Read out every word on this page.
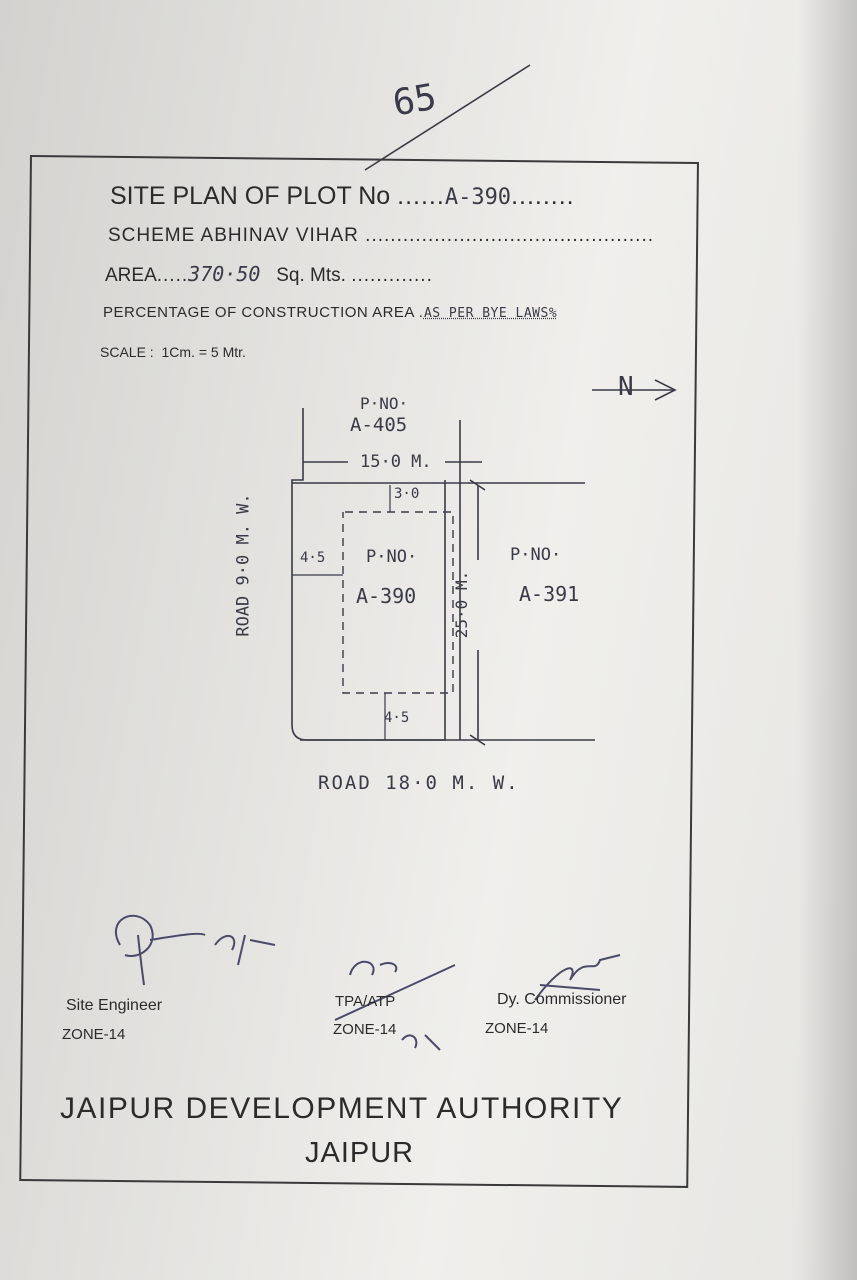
65
SITE PLAN OF PLOT No ......A-390........
SCHEME ABHINAV VIHAR ..............................................
AREA.....370·50 Sq. Mts. .............
PERCENTAGE OF CONSTRUCTION AREA .AS PER BYE LAWS%
SCALE : 1Cm. = 5 Mtr.
N
P·NO·
A-405
15·0 M.
3·0
4·5 P·NO·
A-390 25·0 M.
P·NO·
A-391
4·5
ROAD 9·0 M. W.
ROAD 18·0 M. W.
Site Engineer
ZONE-14
TPA/ATP
ZONE-14
Dy. Commissioner
ZONE-14
JAIPUR DEVELOPMENT AUTHORITY
JAIPUR
